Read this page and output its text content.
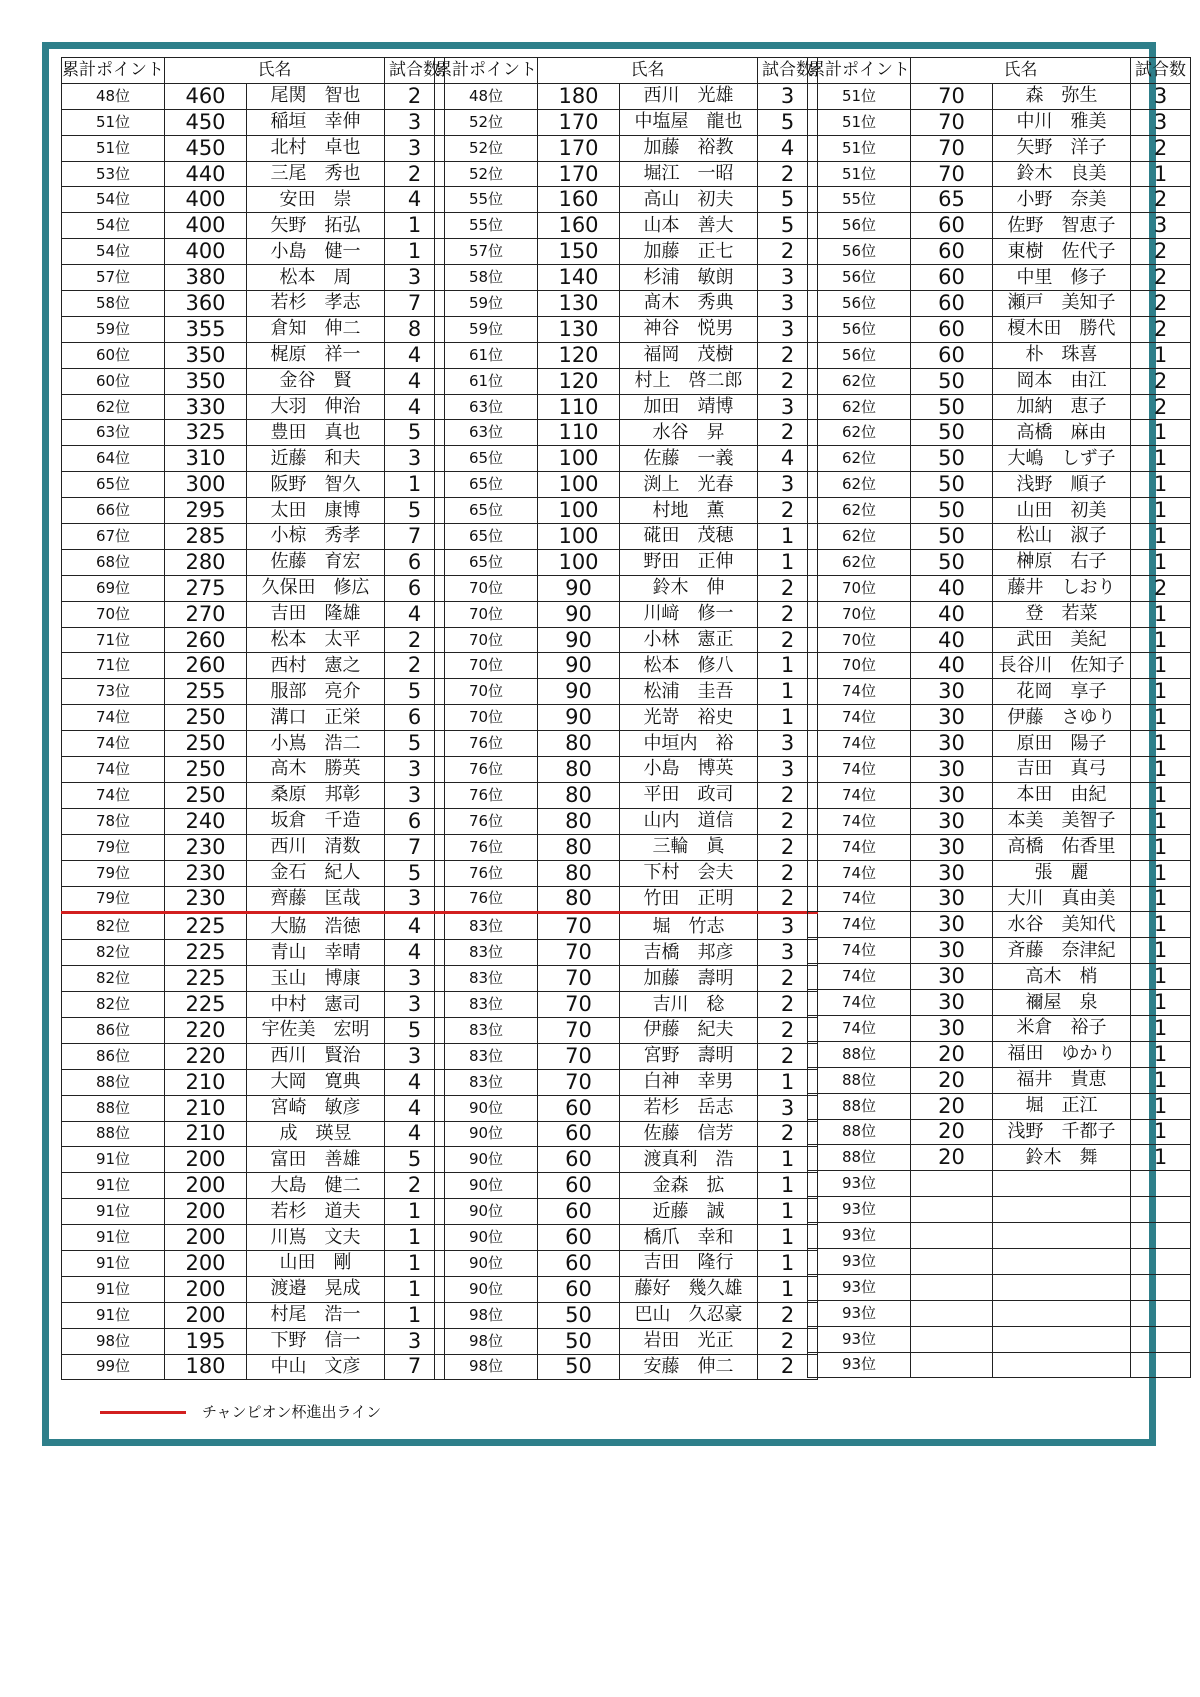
累計ポイント	氏名		試合数
48位	460	尾関　智也	2
51位	450	稲垣　幸伸	3
51位	450	北村　卓也	3
53位	440	三尾　秀也	2
54位	400	安田　崇	4
54位	400	矢野　拓弘	1
54位	400	小島　健一	1
57位	380	松本　周	3
58位	360	若杉　孝志	7
59位	355	倉知　伸二	8
60位	350	梶原　祥一	4
60位	350	金谷　賢	4
62位	330	大羽　伸治	4
63位	325	豊田　真也	5
64位	310	近藤　和夫	3
65位	300	阪野　智久	1
66位	295	太田　康博	5
67位	285	小椋　秀孝	7
68位	280	佐藤　育宏	6
69位	275	久保田　修広	6
70位	270	吉田　隆雄	4
71位	260	松本　太平	2
71位	260	西村　憲之	2
73位	255	服部　亮介	5
74位	250	溝口　正栄	6
74位	250	小嶌　浩二	5
74位	250	高木　勝英	3
74位	250	桑原　邦彰	3
78位	240	坂倉　千造	6
79位	230	西川　清数	7
79位	230	金石　紀人	5
79位	230	齊藤　匡哉	3
82位	225	大脇　浩徳	4
82位	225	青山　幸晴	4
82位	225	玉山　博康	3
82位	225	中村　憲司	3
86位	220	宇佐美　宏明	5
86位	220	西川　賢治	3
88位	210	大岡　寛典	4
88位	210	宮崎　敏彦	4
88位	210	成　瑛昱	4
91位	200	富田　善雄	5
91位	200	大島　健二	2
91位	200	若杉　道夫	1
91位	200	川嶌　文夫	1
91位	200	山田　剛	1
91位	200	渡邉　晃成	1
91位	200	村尾　浩一	1
98位	195	下野　信一	3
99位	180	中山　文彦	7
累計ポイント	氏名		試合数
48位	180	西川　光雄	3
52位	170	中塩屋　龍也	5
52位	170	加藤　裕教	4
52位	170	堀江　一昭	2
55位	160	高山　初夫	5
55位	160	山本　善大	5
57位	150	加藤　正七	2
58位	140	杉浦　敏朗	3
59位	130	髙木　秀典	3
59位	130	神谷　悦男	3
61位	120	福岡　茂樹	2
61位	120	村上　啓二郎	2
63位	110	加田　靖博	3
63位	110	水谷　昇	2
65位	100	佐藤　一義	4
65位	100	渕上　光春	3
65位	100	村地　薫	2
65位	100	硴田　茂穂	1
65位	100	野田　正伸	1
70位	90	鈴木　伸	2
70位	90	川﨑　修一	2
70位	90	小林　憲正	2
70位	90	松本　修八	1
70位	90	松浦　圭吾	1
70位	90	光嵜　裕史	1
76位	80	中垣内　裕	3
76位	80	小島　博英	3
76位	80	平田　政司	2
76位	80	山内　道信	2
76位	80	三輪　眞	2
76位	80	下村　会夫	2
76位	80	竹田　正明	2
83位	70	堀　竹志	3
83位	70	吉橋　邦彦	3
83位	70	加藤　壽明	2
83位	70	吉川　稔	2
83位	70	伊藤　紀夫	2
83位	70	宮野　壽明	2
83位	70	白神　幸男	1
90位	60	若杉　岳志	3
90位	60	佐藤　信芳	2
90位	60	渡真利　浩	1
90位	60	金森　拡	1
90位	60	近藤　誠	1
90位	60	橋爪　幸和	1
90位	60	吉田　隆行	1
90位	60	藤好　幾久雄	1
98位	50	巴山　久忍豪	2
98位	50	岩田　光正	2
98位	50	安藤　伸二	2
累計ポイント	氏名		試合数
51位	70	森　弥生	3
51位	70	中川　雅美	3
51位	70	矢野　洋子	2
51位	70	鈴木　良美	1
55位	65	小野　奈美	2
56位	60	佐野　智恵子	3
56位	60	東樹　佐代子	2
56位	60	中里　修子	2
56位	60	瀬戸　美知子	2
56位	60	榎木田　勝代	2
56位	60	朴　珠喜	1
62位	50	岡本　由江	2
62位	50	加納　恵子	2
62位	50	高橋　麻由	1
62位	50	大嶋　しず子	1
62位	50	浅野　順子	1
62位	50	山田　初美	1
62位	50	松山　淑子	1
62位	50	榊原　右子	1
70位	40	藤井　しおり	2
70位	40	登　若菜	1
70位	40	武田　美紀	1
70位	40	長谷川　佐知子	1
74位	30	花岡　享子	1
74位	30	伊藤　さゆり	1
74位	30	原田　陽子	1
74位	30	吉田　真弓	1
74位	30	本田　由紀	1
74位	30	本美　美智子	1
74位	30	高橋　佑香里	1
74位	30	張　麗	1
74位	30	大川　真由美	1
74位	30	水谷　美知代	1
74位	30	斉藤　奈津紀	1
74位	30	高木　梢	1
74位	30	禰屋　泉	1
74位	30	米倉　裕子	1
88位	20	福田　ゆかり	1
88位	20	福井　貴恵	1
88位	20	堀　正江	1
88位	20	浅野　千都子	1
88位	20	鈴木　舞	1
93位			
93位			
93位			
93位			
93位			
93位			
93位			
93位			
チャンピオン杯進出ライン
